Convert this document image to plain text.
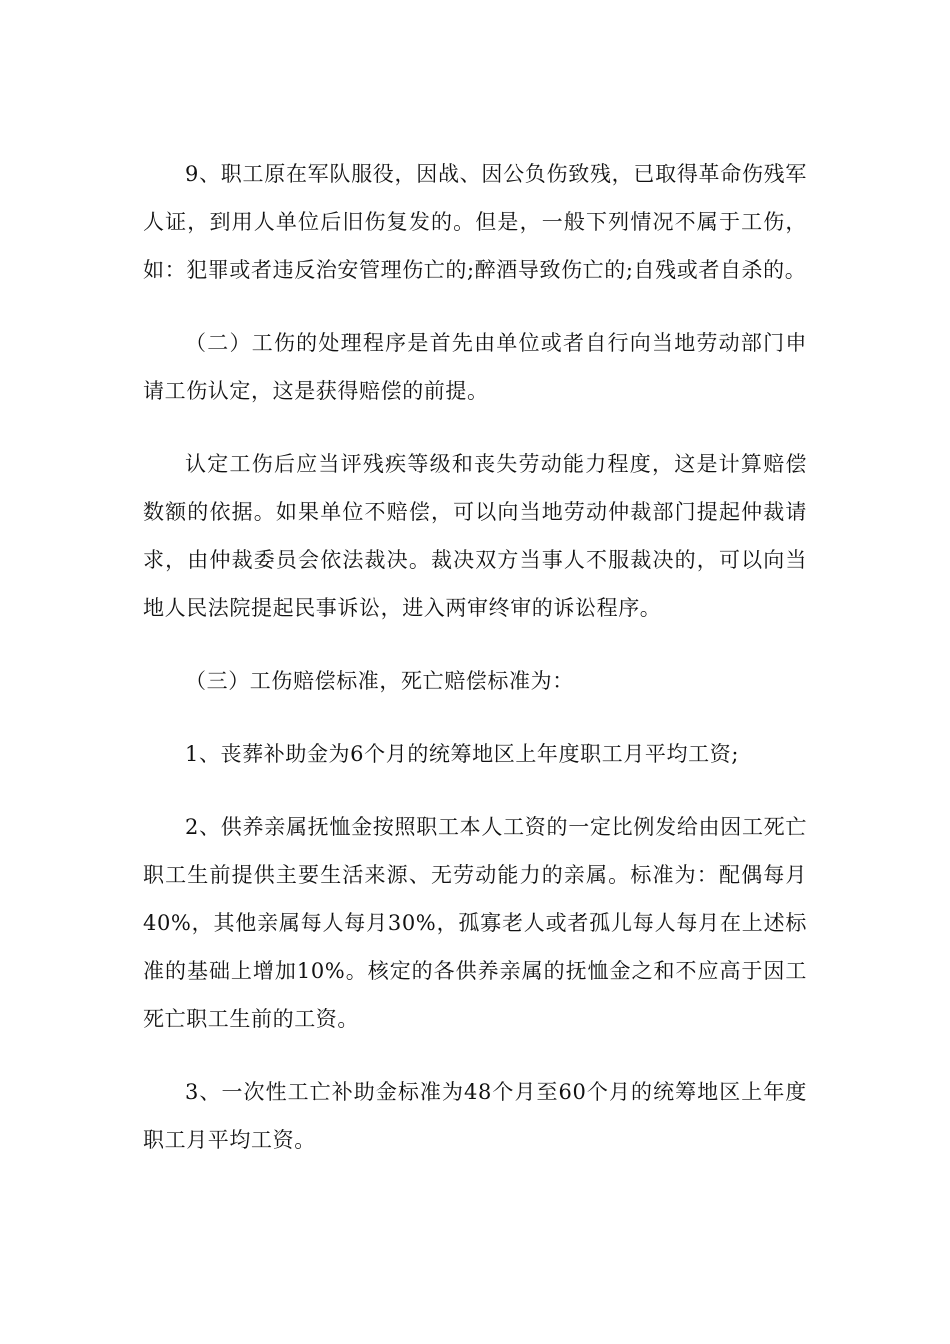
9、职工原在军队服役，因战、因公负伤致残，已取得革命伤残军人证，到用人单位后旧伤复发的。但是，一般下列情况不属于工伤，如：犯罪或者违反治安管理伤亡的;醉酒导致伤亡的;自残或者自杀的。

（二）工伤的处理程序是首先由单位或者自行向当地劳动部门申请工伤认定，这是获得赔偿的前提。

认定工伤后应当评残疾等级和丧失劳动能力程度，这是计算赔偿数额的依据。如果单位不赔偿，可以向当地劳动仲裁部门提起仲裁请求，由仲裁委员会依法裁决。裁决双方当事人不服裁决的，可以向当地人民法院提起民事诉讼，进入两审终审的诉讼程序。

（三）工伤赔偿标准，死亡赔偿标准为：

1、丧葬补助金为6个月的统筹地区上年度职工月平均工资;

2、供养亲属抚恤金按照职工本人工资的一定比例发给由因工死亡职工生前提供主要生活来源、无劳动能力的亲属。标准为：配偶每月40%，其他亲属每人每月30%，孤寡老人或者孤儿每人每月在上述标准的基础上增加10%。核定的各供养亲属的抚恤金之和不应高于因工死亡职工生前的工资。

3、一次性工亡补助金标准为48个月至60个月的统筹地区上年度职工月平均工资。
